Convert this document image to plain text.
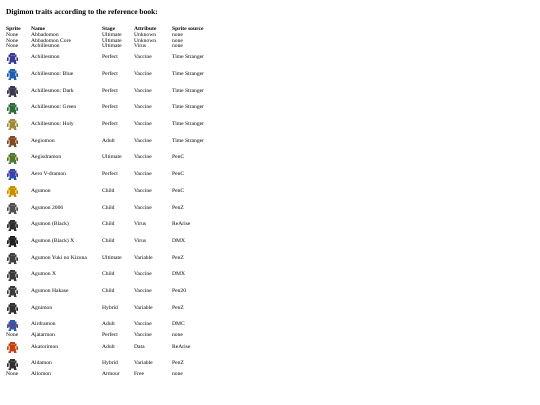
Digimon traits according to the reference book:
Sprite	Name	Stage	Attribute	Sprite source
None	Abbadomon	Ultimate	Unknown	none
None	Abbadomon Core	Ultimate	Unknown	none
None	Achillesmon	Ultimate	Virus	none

	Achillesmon	Perfect	Vaccine	Time Stranger

	Achillesmon: Blue	Perfect	Vaccine	Time Stranger

	Achillesmon: Dark	Perfect	Vaccine	Time Stranger

	Achillesmon: Green	Perfect	Vaccine	Time Stranger

	Achillesmon: Holy	Perfect	Vaccine	Time Stranger

	Aegiomon	Adult	Vaccine	Time Stranger

	Aegisdramon	Ultimate	Vaccine	PenC

	Aero V-dramon	Perfect	Vaccine	PenC

	Agumon	Child	Vaccine	PenC

	Agumon 2006	Child	Vaccine	PenZ

	Agumon (Black)	Child	Virus	ReArise

	Agumon (Black) X	Child	Virus	DMX

	Agumon Yuki no Kizuna	Ultimate	Variable	PenZ

	Agumon X	Child	Vaccine	DMX

	Agumon Hakase	Child	Vaccine	Pen20

	Agnimon	Hybrid	Variable	PenZ

	Airdramon	Adult	Vaccine	DMC
None	Ajatarmon	Perfect	Vaccine	none

	Akatorimon	Adult	Data	ReArise

	Aldamon	Hybrid	Variable	PenZ
None	Allomon	Armour	Free	none
